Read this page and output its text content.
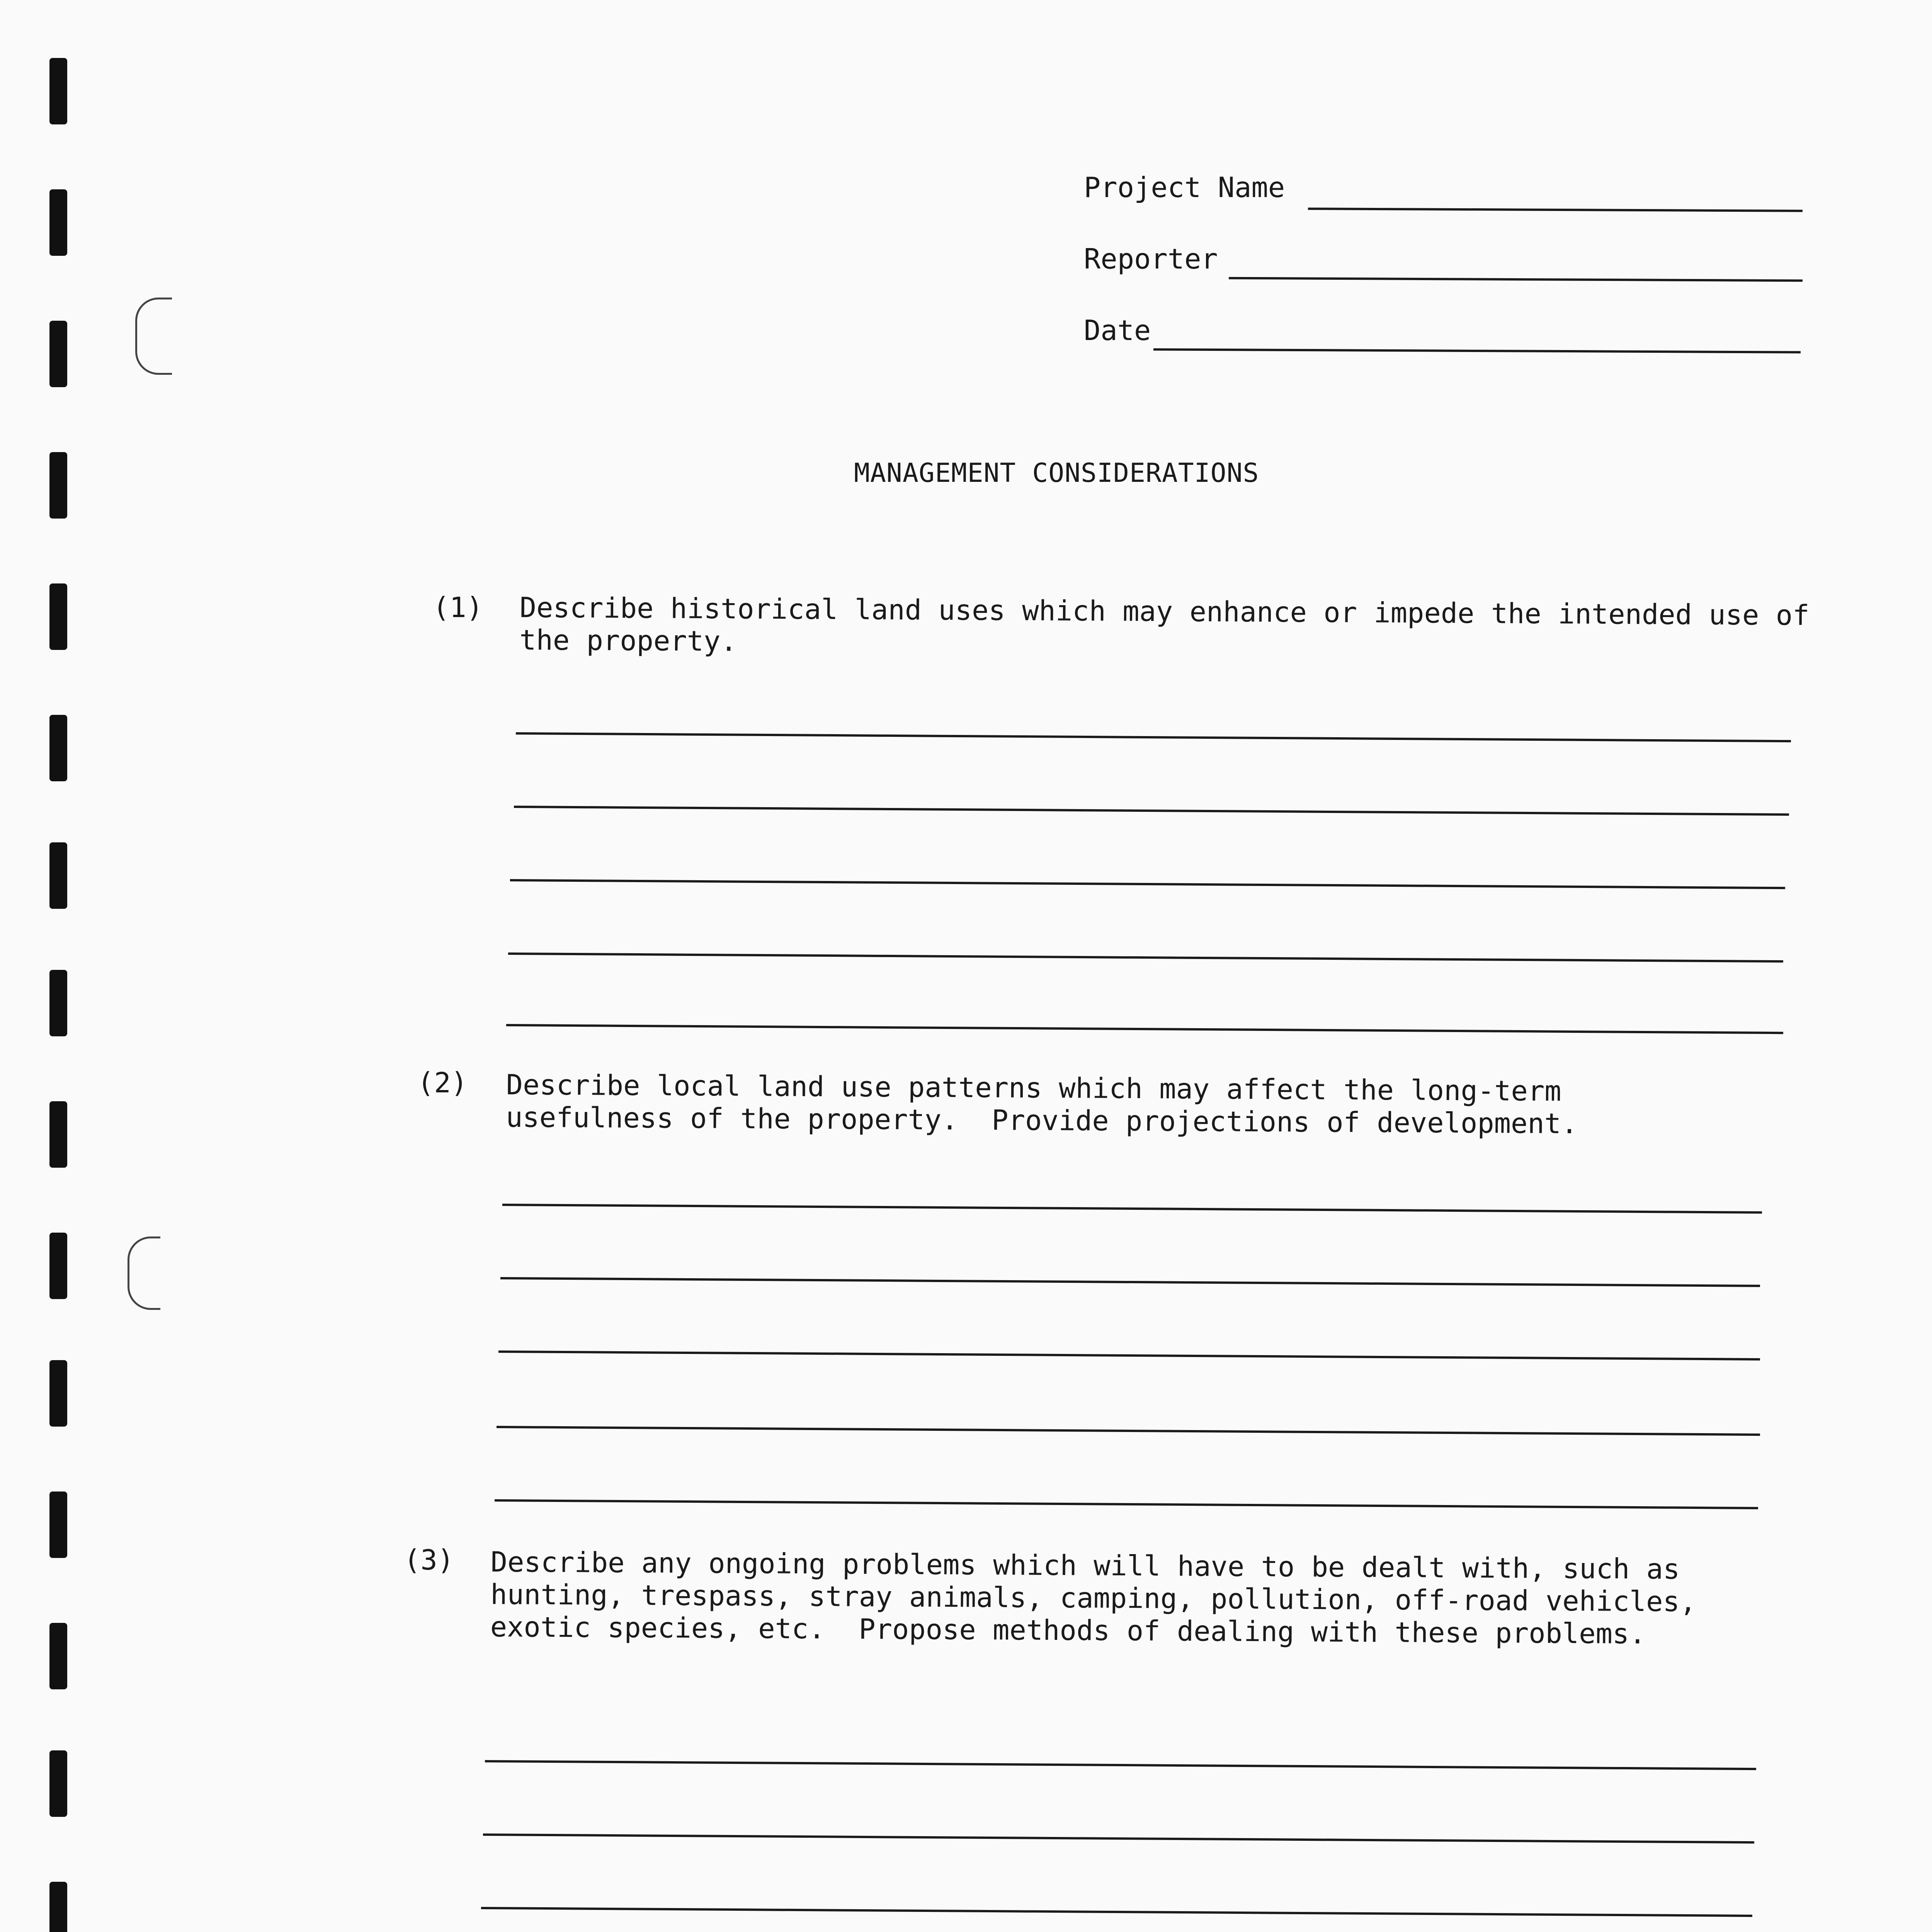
Project Name
Reporter
Date
MANAGEMENT CONSIDERATIONS
(1) Describe historical land uses which may enhance or impede the intended use of the property.
(2) Describe local land use patterns which may affect the long-term usefulness of the property.  Provide projections of development.
(3) Describe any ongoing problems which will have to be dealt with, such as hunting, trespass, stray animals, camping, pollution, off-road vehicles, exotic species, etc.  Propose methods of dealing with these problems.
